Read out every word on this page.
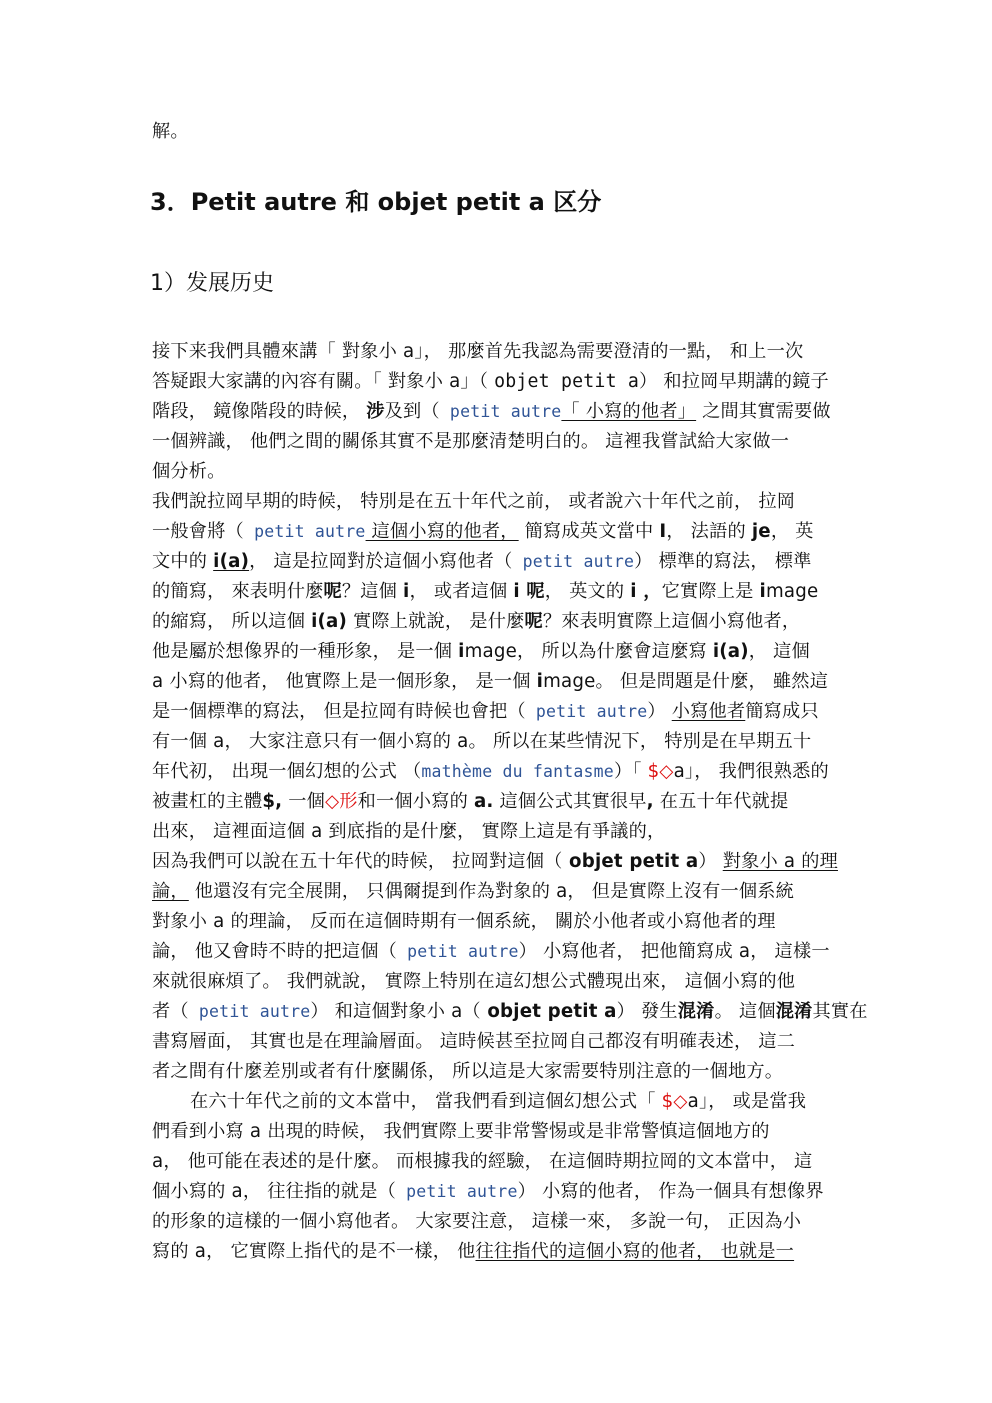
解。
3．Petit autre 和 objet petit a 区分
1）发展历史
接下来我們具體來講「 對象小 a」， 那麼首先我認為需要澄清的一點， 和上一次
答疑跟大家講的內容有關。「 對象小 a」（ objet petit a） 和拉岡早期講的鏡子
階段， 鏡像階段的時候， 涉及到（ petit autre「 小寫的他者」 之間其實需要做
一個辨識， 他們之間的關係其實不是那麼清楚明白的。 這裡我嘗試給大家做一
個分析。
我們說拉岡早期的時候， 特別是在五十年代之前， 或者說六十年代之前， 拉岡
一般會將（ petit autre 這個小寫的他者， 簡寫成英文當中 I， 法語的 je， 英
文中的 i(a)， 這是拉岡對於這個小寫他者（ petit autre） 標準的寫法， 標準
的簡寫， 來表明什麼呢？這個 i， 或者這個 i 呢， 英文的 i ，它實際上是 image
的縮寫， 所以這個 i(a) 實際上就說， 是什麼呢？來表明實際上這個小寫他者，
他是屬於想像界的一種形象， 是一個 image， 所以為什麼會這麼寫 i(a)， 這個
a 小寫的他者， 他實際上是一個形象， 是一個 image。 但是問題是什麼， 雖然這
是一個標準的寫法， 但是拉岡有時候也會把（ petit autre） 小寫他者簡寫成只
有一個 a， 大家注意只有一個小寫的 a。 所以在某些情況下， 特別是在早期五十
年代初， 出現一個幻想的公式 （mathème du fantasme）「 $◇a」， 我們很熟悉的
被畫杠的主體$, 一個◇形和一個小寫的 a. 這個公式其實很早, 在五十年代就提
出來， 這裡面這個 a 到底指的是什麼， 實際上這是有爭議的，
因為我們可以說在五十年代的時候， 拉岡對這個（ objet petit a） 對象小 a 的理
論， 他還沒有完全展開， 只偶爾提到作為對象的 a， 但是實際上沒有一個系統
對象小 a 的理論， 反而在這個時期有一個系統， 關於小他者或小寫他者的理
論， 他又會時不時的把這個（ petit autre） 小寫他者， 把他簡寫成 a， 這樣一
來就很麻煩了。 我們就說， 實際上特別在這幻想公式體現出來， 這個小寫的他
者（ petit autre） 和這個對象小 a（ objet petit a） 發生混淆。 這個混淆其實在
書寫層面， 其實也是在理論層面。 這時候甚至拉岡自己都沒有明確表述， 這二
者之間有什麼差別或者有什麼關係， 所以這是大家需要特別注意的一個地方。
在六十年代之前的文本當中， 當我們看到這個幻想公式「 $◇a」， 或是當我
們看到小寫 a 出現的時候， 我們實際上要非常警惕或是非常警慎這個地方的
a， 他可能在表述的是什麼。 而根據我的經驗， 在這個時期拉岡的文本當中， 這
個小寫的 a， 往往指的就是（ petit autre） 小寫的他者， 作為一個具有想像界
的形象的這樣的一個小寫他者。 大家要注意， 這樣一來， 多說一句， 正因為小
寫的 a， 它實際上指代的是不一樣， 他往往指代的這個小寫的他者， 也就是一
